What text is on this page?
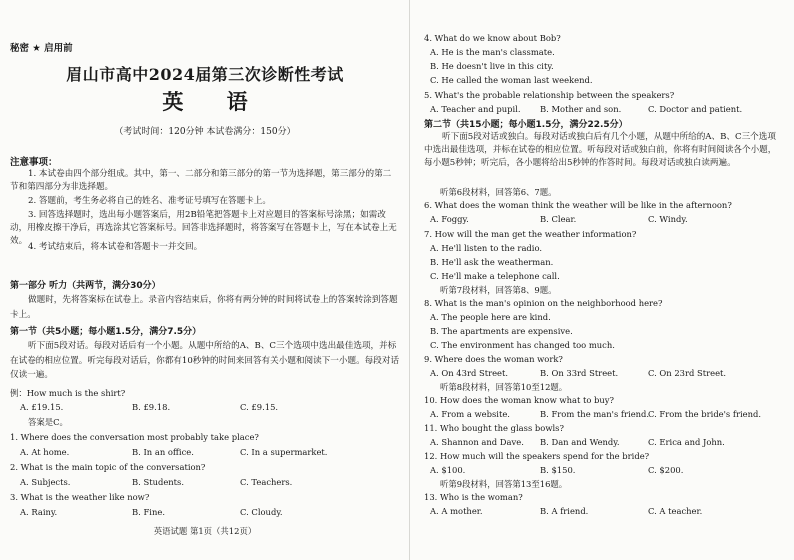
秘密 ★ 启用前
眉山市高中2024届第三次诊断性考试
英 语
（考试时间：120分钟 本试卷满分：150分）
注意事项：
1. 本试卷由四个部分组成。其中，第一、二部分和第三部分的第一节为选择题，第三部分的第二节和第四部分为非选择题。
2. 答题前，考生务必将自己的姓名、准考证号填写在答题卡上。
3. 回答选择题时，选出每小题答案后，用2B铅笔把答题卡上对应题目的答案标号涂黑；如需改动，用橡皮擦干净后，再选涂其它答案标号。回答非选择题时，将答案写在答题卡上，写在本试卷上无效。
4. 考试结束后，将本试卷和答题卡一并交回。
第一部分 听力（共两节，满分30分）
做题时，先将答案标在试卷上。录音内容结束后，你将有两分钟的时间将试卷上的答案转涂到答题卡上。
第一节（共5小题；每小题1.5分，满分7.5分）
听下面5段对话。每段对话后有一个小题。从题中所给的A、B、C三个选项中选出最佳选项，并标在试卷的相应位置。听完每段对话后，你都有10秒钟的时间来回答有关小题和阅读下一小题。每段对话仅读一遍。
例：How much is the shirt?
A. £19.15.	B. £9.18.	C. £9.15.
答案是C。
1. Where does the conversation most probably take place?
A. At home.	B. In an office.	C. In a supermarket.
2. What is the main topic of the conversation?
A. Subjects.	B. Students.	C. Teachers.
3. What is the weather like now?
A. Rainy.	B. Fine.	C. Cloudy.
英语试题 第1页（共12页）
4. What do we know about Bob?
A. He is the man's classmate.
B. He doesn't live in this city.
C. He called the woman last weekend.
5. What's the probable relationship between the speakers?
A. Teacher and pupil. B. Mother and son.	C. Doctor and patient.
第二节（共15小题；每小题1.5分，满分22.5分）
听下面5段对话或独白。每段对话或独白后有几个小题，从题中所给的A、B、C三个选项中选出最佳选项，并标在试卷的相应位置。听每段对话或独白前，你将有时间阅读各个小题，每小题5秒钟；听完后，各小题将给出5秒钟的作答时间。每段对话或独白读两遍。
听第6段材料，回答第6、7题。
6. What does the woman think the weather will be like in the afternoon?
A. Foggy.	B. Clear.	C. Windy.
7. How will the man get the weather information?
A. He'll listen to the radio.
B. He'll ask the weatherman.
C. He'll make a telephone call.
听第7段材料，回答第8、9题。
8. What is the man's opinion on the neighborhood here?
A. The people here are kind.
B. The apartments are expensive.
C. The environment has changed too much.
9. Where does the woman work?
A. On 43rd Street.	B. On 33rd Street.	C. On 23rd Street.
听第8段材料，回答第10至12题。
10. How does the woman know what to buy?
A. From a website.	B. From the man's friend.
C. From the bride's friend.
11. Who bought the glass bowls?
A. Shannon and Dave. B. Dan and Wendy.	C. Erica and John.
12. How much will the speakers spend for the bride?
A. $100.	B. $150.	C. $200.
听第9段材料，回答第13至16题。
13. Who is the woman?
A. A mother.	B. A friend.	C. A teacher.
